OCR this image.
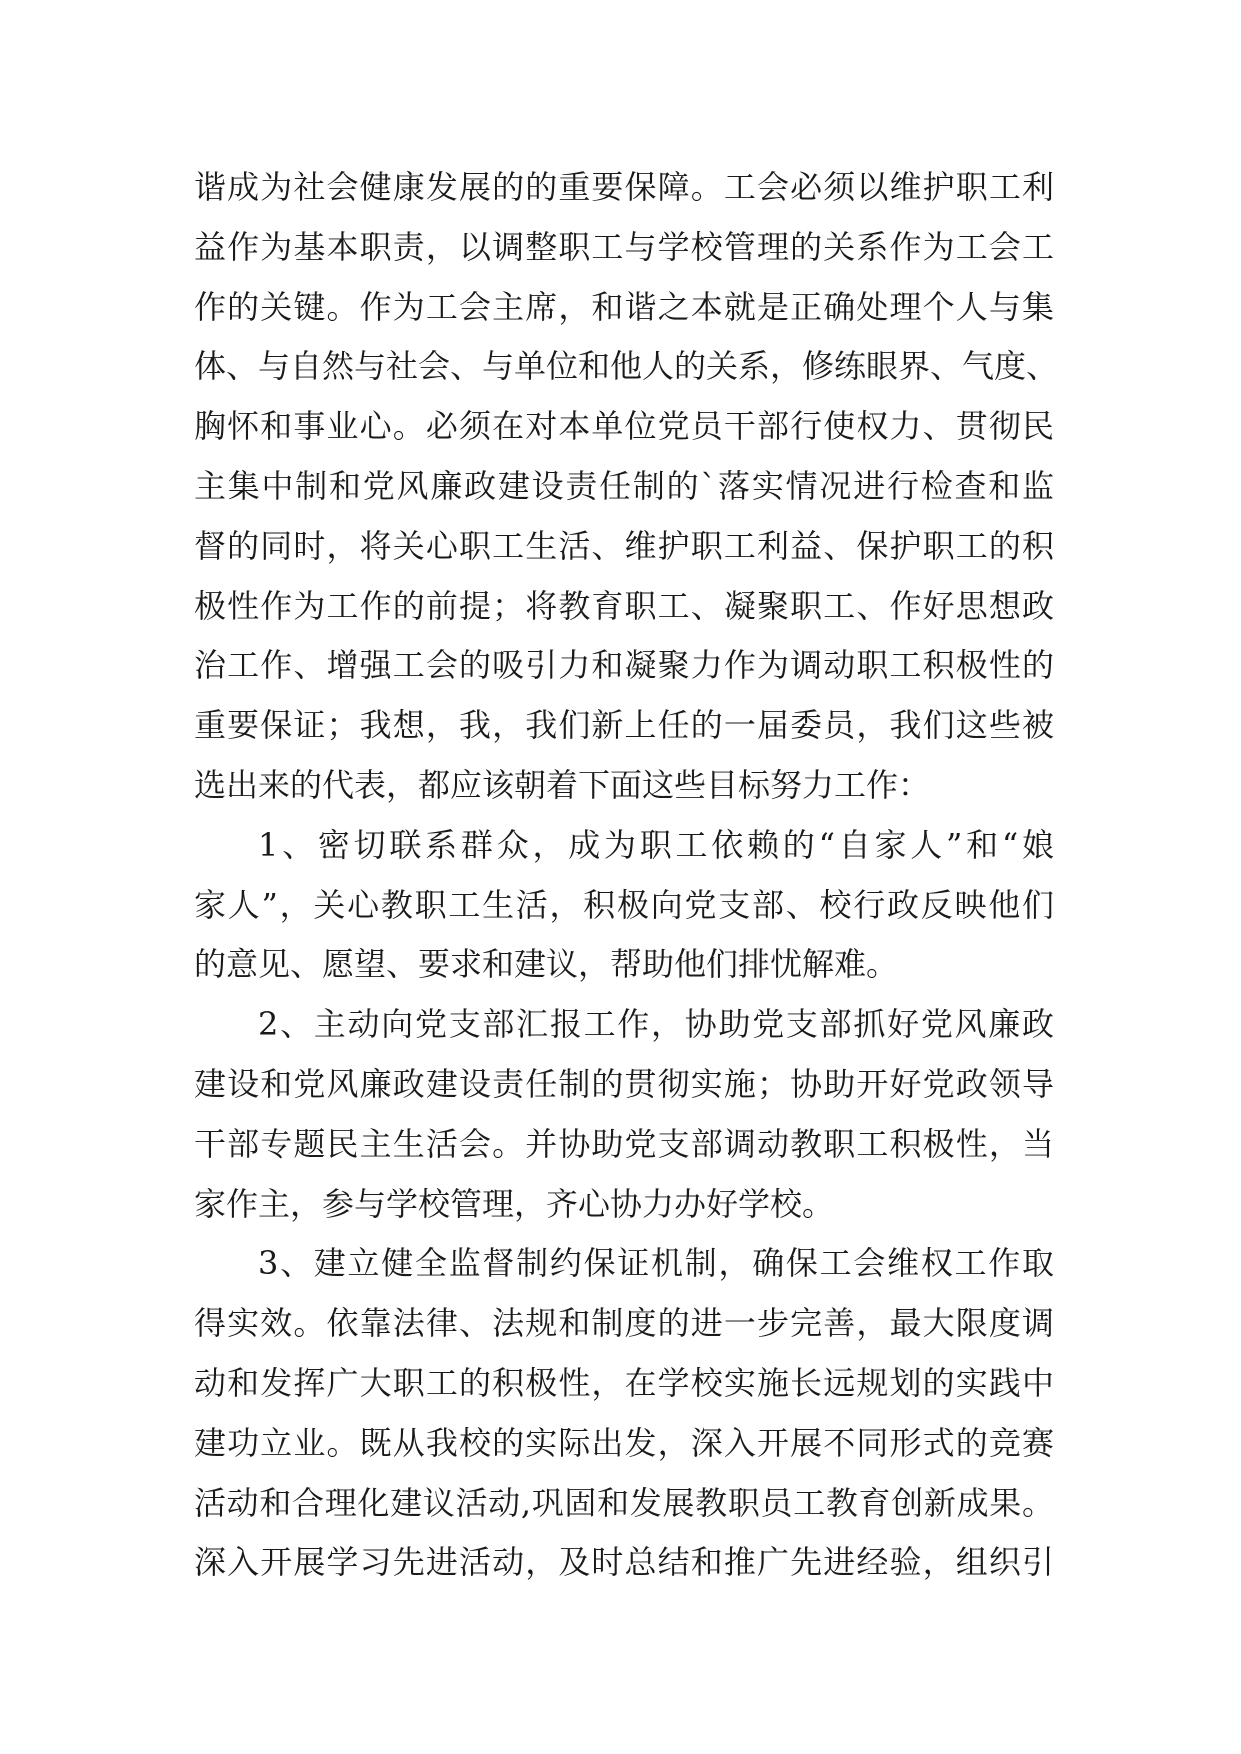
谐成为社会健康发展的的重要保障。工会必须以维护职工利
益作为基本职责，以调整职工与学校管理的关系作为工会工
作的关键。作为工会主席，和谐之本就是正确处理个人与集
体、与自然与社会、与单位和他人的关系，修练眼界、气度、
胸怀和事业心。必须在对本单位党员干部行使权力、贯彻民
主集中制和党风廉政建设责任制的`落实情况进行检查和监
督的同时，将关心职工生活、维护职工利益、保护职工的积
极性作为工作的前提；将教育职工、凝聚职工、作好思想政
治工作、增强工会的吸引力和凝聚力作为调动职工积极性的
重要保证；我想，我，我们新上任的一届委员，我们这些被
选出来的代表，都应该朝着下面这些目标努力工作：
1、密切联系群众，成为职工依赖的“自家人”和“娘
家人”，关心教职工生活，积极向党支部、校行政反映他们
的意见、愿望、要求和建议，帮助他们排忧解难。
2、主动向党支部汇报工作，协助党支部抓好党风廉政
建设和党风廉政建设责任制的贯彻实施；协助开好党政领导
干部专题民主生活会。并协助党支部调动教职工积极性，当
家作主，参与学校管理，齐心协力办好学校。
3、建立健全监督制约保证机制，确保工会维权工作取
得实效。依靠法律、法规和制度的进一步完善，最大限度调
动和发挥广大职工的积极性，在学校实施长远规划的实践中
建功立业。既从我校的实际出发，深入开展不同形式的竞赛
活动和合理化建议活动,巩固和发展教职员工教育创新成果。
深入开展学习先进活动，及时总结和推广先进经验，组织引
